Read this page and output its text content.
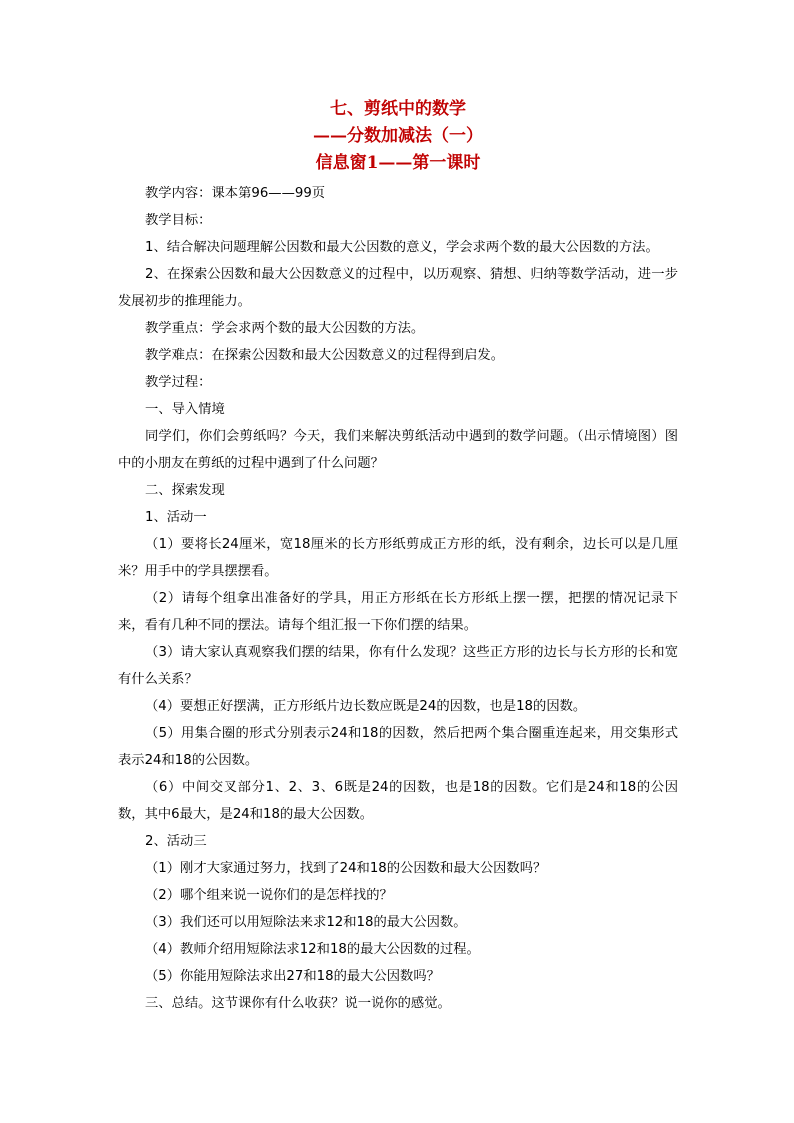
七、剪纸中的数学
——分数加减法（一）
信息窗1——第一课时
教学内容：课本第96——99页
教学目标：
1、结合解决问题理解公因数和最大公因数的意义，学会求两个数的最大公因数的方法。
2、在探索公因数和最大公因数意义的过程中，以历观察、猜想、归纳等数学活动，进一步发展初步的推理能力。
教学重点：学会求两个数的最大公因数的方法。
教学难点：在探索公因数和最大公因数意义的过程得到启发。
教学过程：
一、导入情境
同学们，你们会剪纸吗？今天，我们来解决剪纸活动中遇到的数学问题。（出示情境图）图中的小朋友在剪纸的过程中遇到了什么问题？
二、探索发现
1、活动一
（1）要将长24厘米，宽18厘米的长方形纸剪成正方形的纸，没有剩余，边长可以是几厘米？用手中的学具摆摆看。
（2）请每个组拿出准备好的学具，用正方形纸在长方形纸上摆一摆，把摆的情况记录下来，看有几种不同的摆法。请每个组汇报一下你们摆的结果。
（3）请大家认真观察我们摆的结果，你有什么发现？这些正方形的边长与长方形的长和宽有什么关系？
（4）要想正好摆满，正方形纸片边长数应既是24的因数，也是18的因数。
（5）用集合圈的形式分别表示24和18的因数，然后把两个集合圈重连起来，用交集形式表示24和18的公因数。
（6）中间交叉部分1、2、3、6既是24的因数，也是18的因数。它们是24和18的公因数，其中6最大，是24和18的最大公因数。
2、活动三
（1）刚才大家通过努力，找到了24和18的公因数和最大公因数吗？
（2）哪个组来说一说你们的是怎样找的？
（3）我们还可以用短除法来求12和18的最大公因数。
（4）教师介绍用短除法求12和18的最大公因数的过程。
（5）你能用短除法求出27和18的最大公因数吗？
三、总结。这节课你有什么收获？说一说你的感觉。
